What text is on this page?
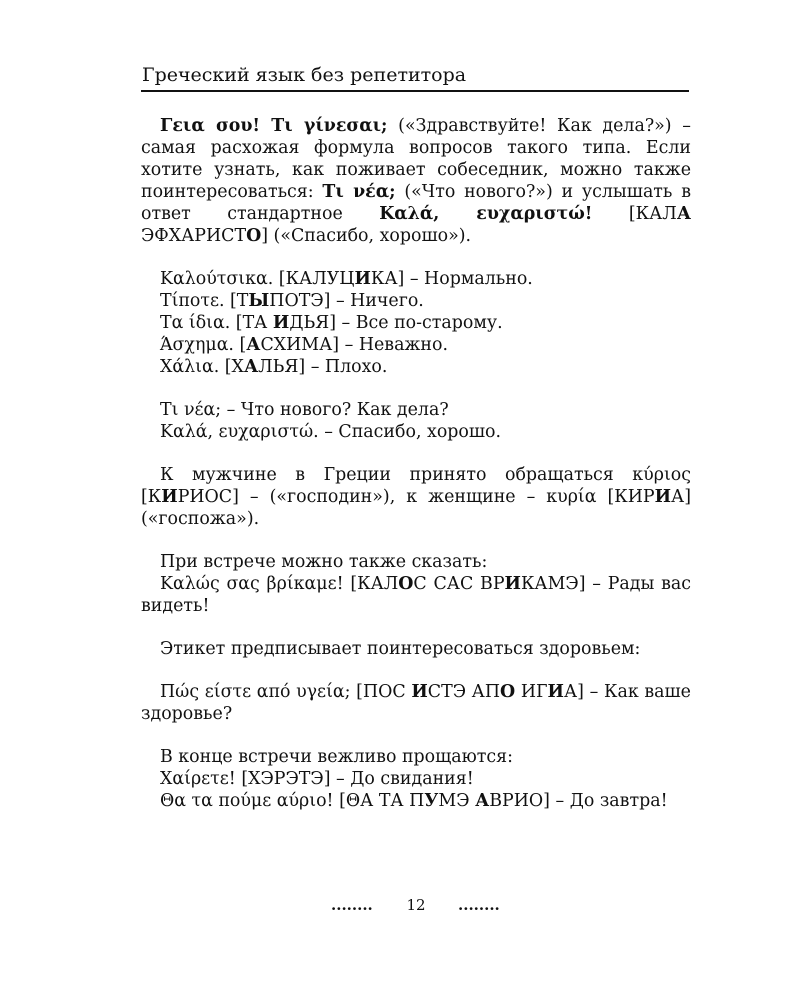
Греческий язык без репетитора

Γεια σου! Τι γίνεσαι; («Здравствуйте! Как дела?») – самая расхожая формула вопросов такого типа. Если хотите узнать, как поживает собеседник, можно также поинтересоваться: Τι νέα; («Что нового?») и услышать в ответ стандартное Καλά, ευχαριστώ! [КАЛА ЭФХАРИСТО] («Спасибо, хорошо»).

Καλούτσικα. [КАЛУЦИКА] – Нормально.

Τίποτε. [ТЫПОТЭ] – Ничего.

Τα ίδια. [ТА ИДЬЯ] – Все по-старому.

Άσχημα. [АСХИМА] – Неважно.

Χάλια. [ХАЛЬЯ] – Плохо.

Τι νέα; – Что нового? Как дела?

Καλά, ευχαριστώ. – Спасибо, хорошо.

К мужчине в Греции принято обращаться κύριος [КИРИОС] – («господин»), к женщине – κυρία [КИРИА] («госпожа»).

При встрече можно также сказать:

Καλώς σας βρίκαμε! [КАЛОС САС ВРИКАМЭ] – Рады вас видеть!

Этикет предписывает поинтересоваться здоровьем:

Πώς είστε από υγεία; [ПОС ИСТЭ АПО ИГИА] – Как ваше здоровье?

В конце встречи вежливо прощаются:

Χαίρετε! [ХЭРЭТЭ] – До свидания!

Θα τα πούμε αύριο! [ΘА ТА ПУМЭ АВРИО] – До завтра!

........	12	........
